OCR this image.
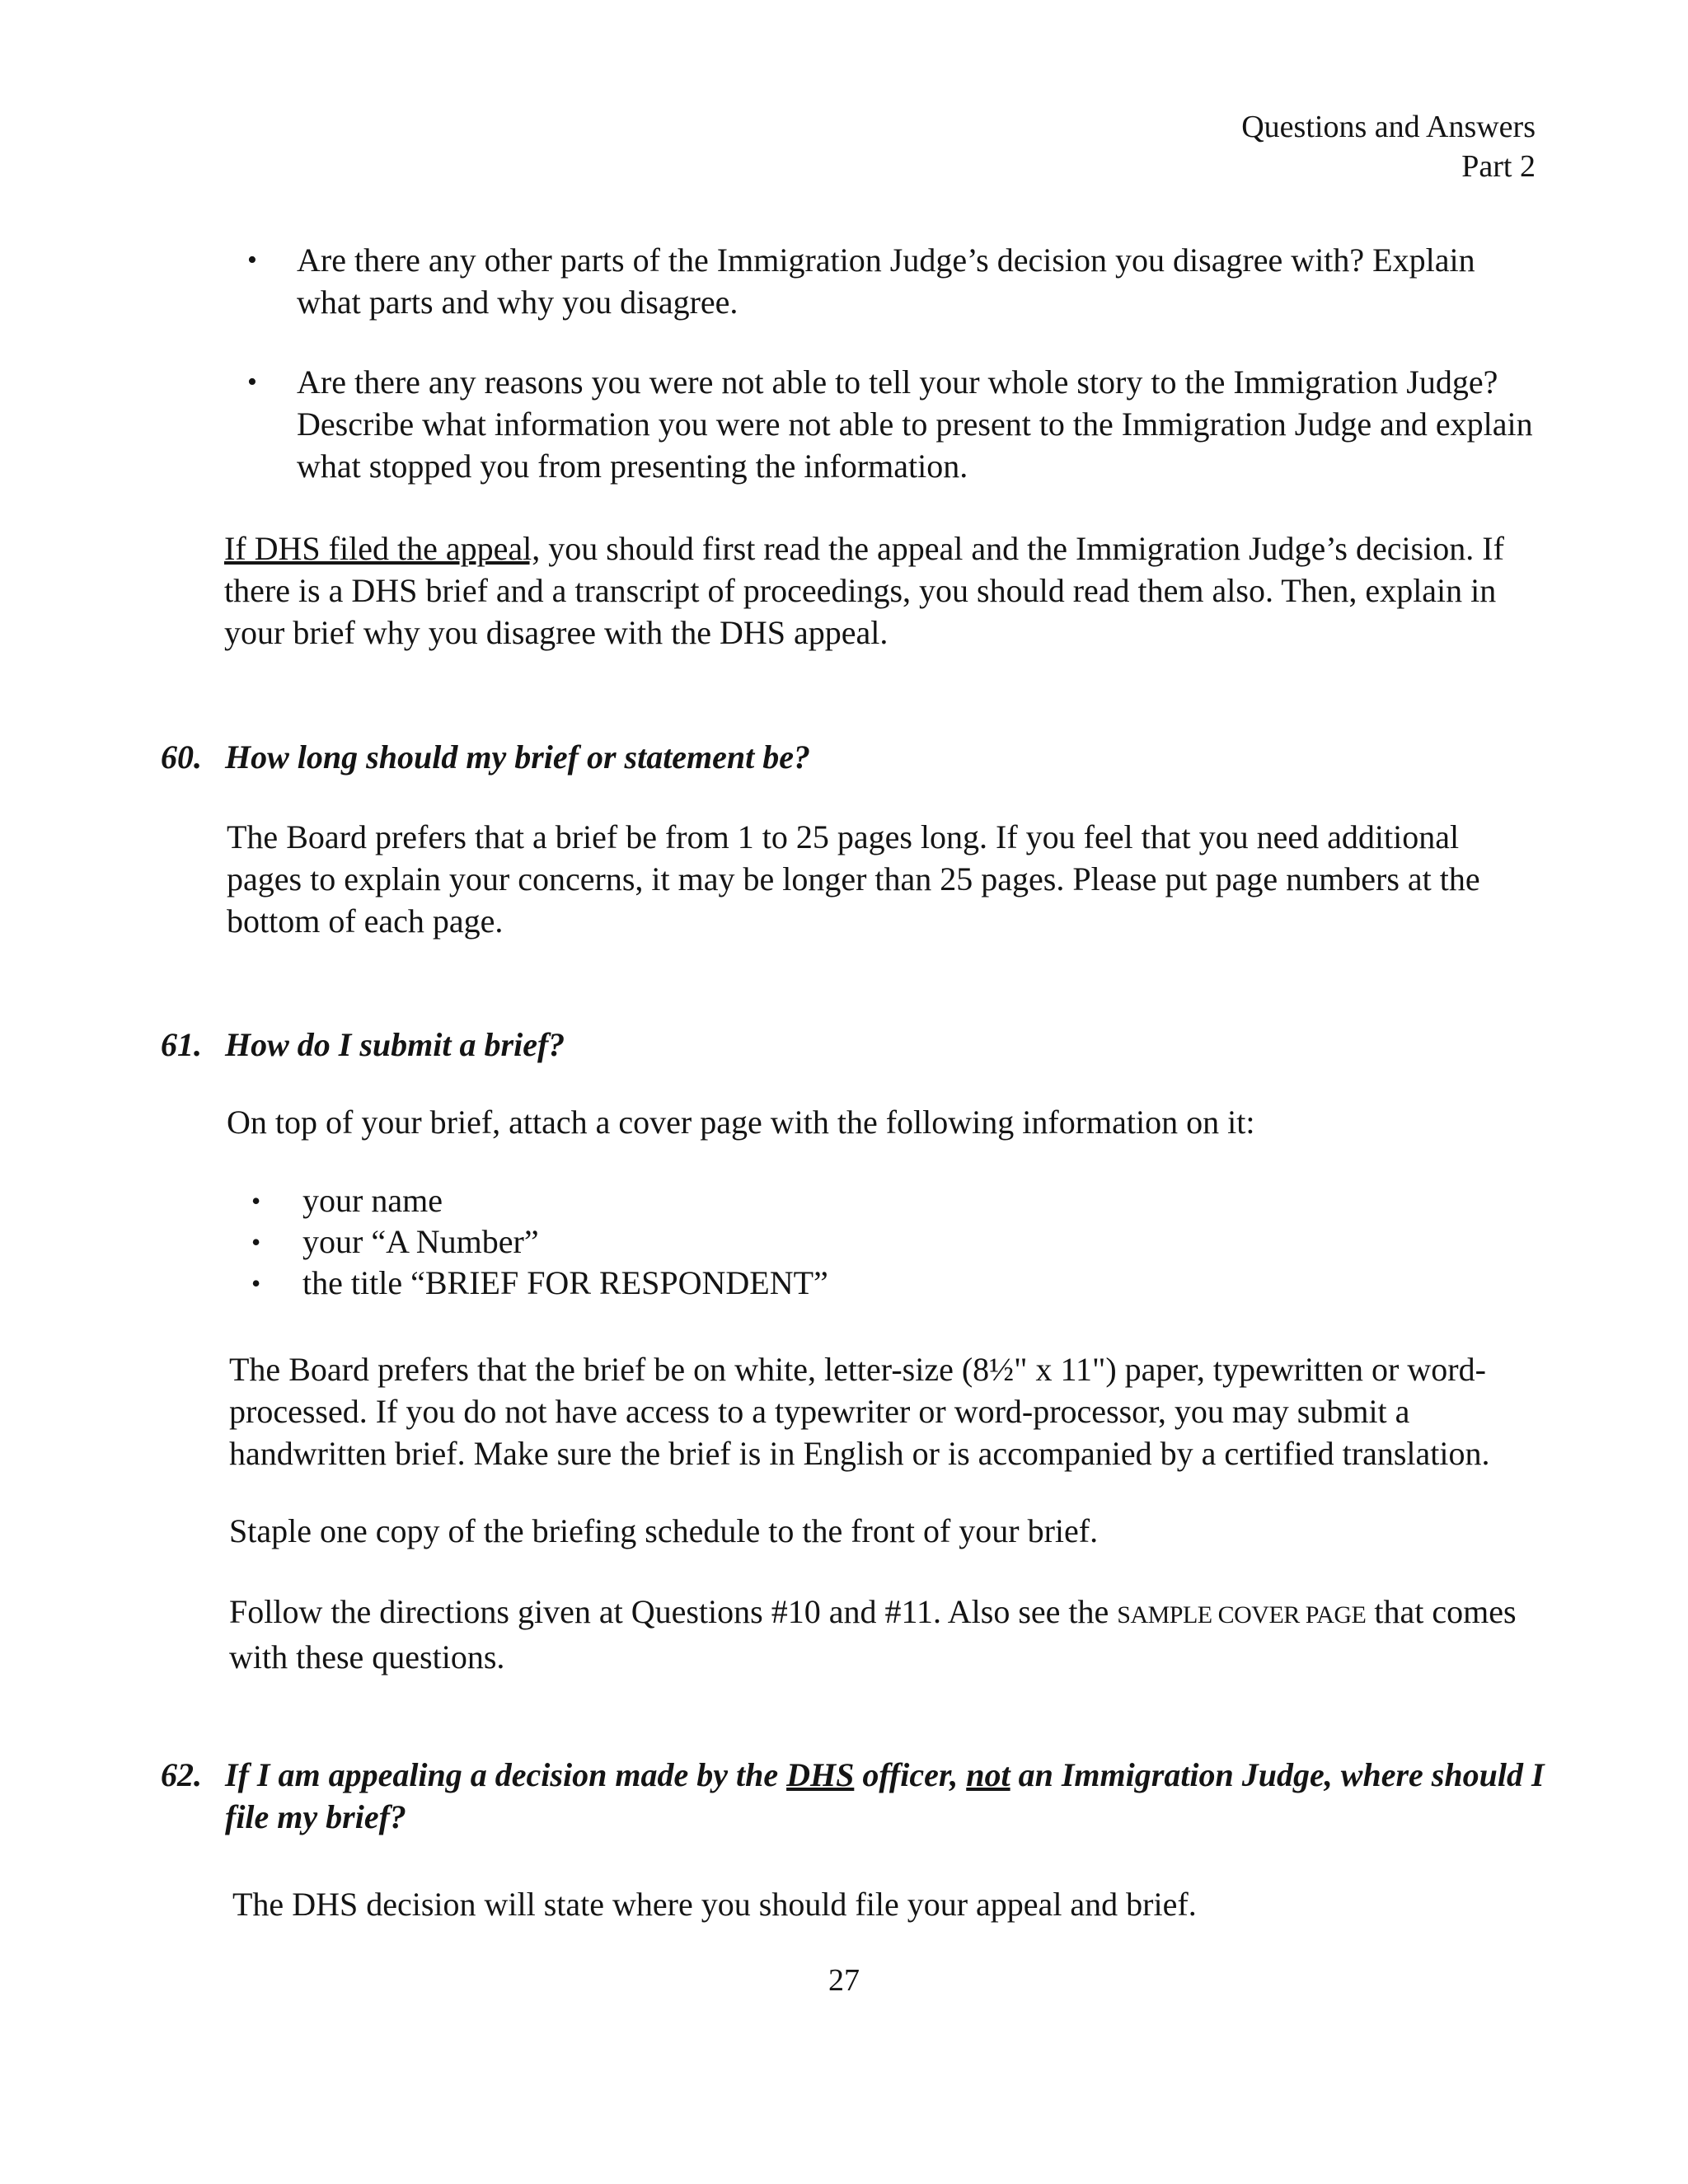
Questions and Answers
Part 2
• Are there any other parts of the Immigration Judge’s decision you disagree with? Explain what parts and why you disagree.
• Are there any reasons you were not able to tell your whole story to the Immigration Judge? Describe what information you were not able to present to the Immigration Judge and explain what stopped you from presenting the information.

If DHS filed the appeal, you should first read the appeal and the Immigration Judge’s decision. If there is a DHS brief and a transcript of proceedings, you should read them also. Then, explain in your brief why you disagree with the DHS appeal.

60. How long should my brief or statement be?

The Board prefers that a brief be from 1 to 25 pages long. If you feel that you need additional pages to explain your concerns, it may be longer than 25 pages. Please put page numbers at the bottom of each page.

61. How do I submit a brief?

On top of your brief, attach a cover page with the following information on it:

• your name
• your “A Number”
• the title “BRIEF FOR RESPONDENT”

The Board prefers that the brief be on white, letter-size (8½" x 11") paper, typewritten or word-processed. If you do not have access to a typewriter or word-processor, you may submit a handwritten brief. Make sure the brief is in English or is accompanied by a certified translation.

Staple one copy of the briefing schedule to the front of your brief.

Follow the directions given at Questions #10 and #11. Also see the SAMPLE COVER PAGE that comes with these questions.

62. If I am appealing a decision made by the DHS officer, not an Immigration Judge, where should I file my brief?

The DHS decision will state where you should file your appeal and brief.

27
